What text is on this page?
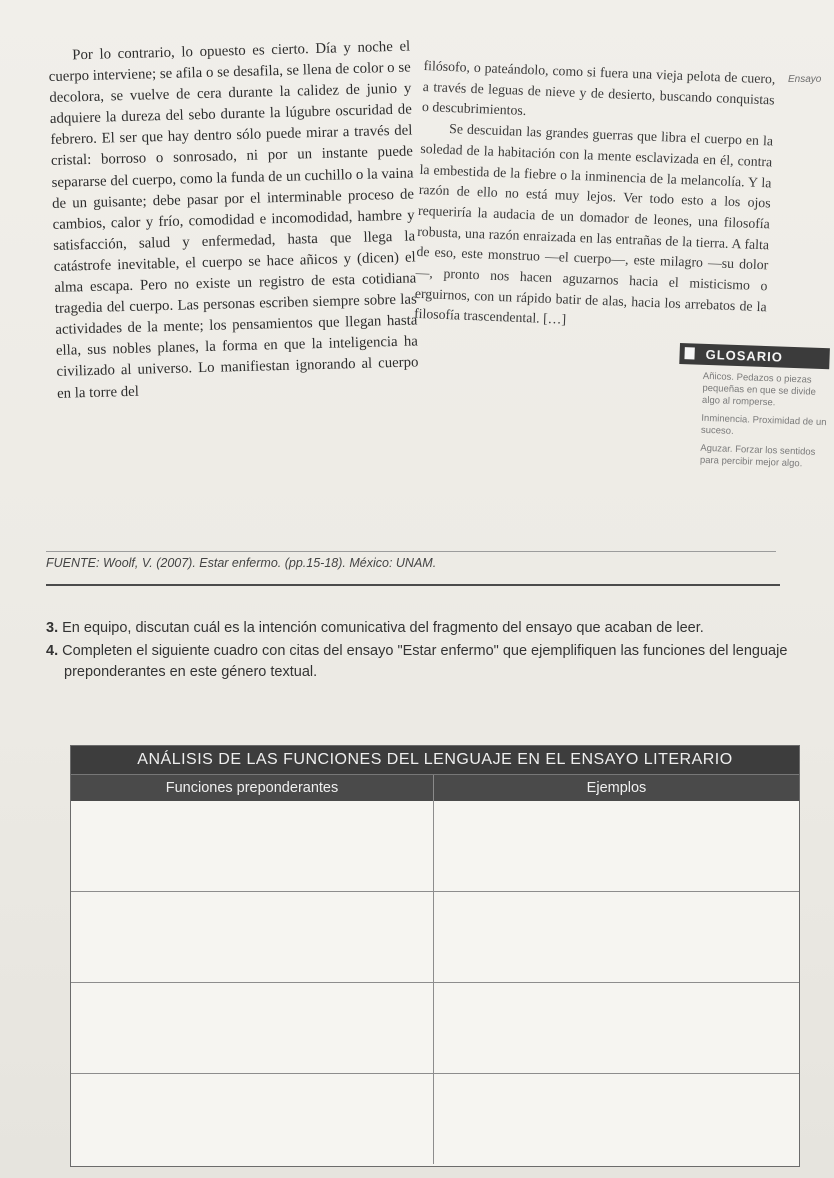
Ensayo

Por lo contrario, lo opuesto es cierto. Día y noche el cuerpo interviene; se afila o se desafila, se llena de color o se decolora, se vuelve de cera durante la calidez de junio y adquiere la dureza del sebo durante la lúgubre oscuridad de febrero. El ser que hay dentro sólo puede mirar a través del cristal: borroso o sonrosado, ni por un instante puede separarse del cuerpo, como la funda de un cuchillo o la vaina de un guisante; debe pasar por el interminable proceso de cambios, calor y frío, comodidad e incomodidad, hambre y satisfacción, salud y enfermedad, hasta que llega la catástrofe inevitable, el cuerpo se hace añicos y (dicen) el alma escapa. Pero no existe un registro de esta cotidiana tragedia del cuerpo. Las personas escriben siempre sobre las actividades de la mente; los pensamientos que llegan hasta ella, sus nobles planes, la forma en que la inteligencia ha civilizado al universo. Lo manifiestan ignorando al cuerpo en la torre del

filósofo, o pateándolo, como si fuera una vieja pelota de cuero, a través de leguas de nieve y de desierto, buscando conquistas o descubrimientos.

Se descuidan las grandes guerras que libra el cuerpo en la soledad de la habitación con la mente esclavizada en él, contra la embestida de la fiebre o la inminencia de la melancolía. Y la razón de ello no está muy lejos. Ver todo esto a los ojos requeriría la audacia de un domador de leones, una filosofía robusta, una razón enraizada en las entrañas de la tierra. A falta de eso, este monstruo —el cuerpo—, este milagro —su dolor—, pronto nos hacen aguzarnos hacia el misticismo o erguirnos, con un rápido batir de alas, hacia los arrebatos de la filosofía trascendental. […]

GLOSARIO
Añicos. Pedazos o piezas pequeñas en que se divide algo al romperse.
Inminencia. Proximidad de un suceso.
Aguzar. Forzar los sentidos para percibir mejor algo.
FUENTE: Woolf, V. (2007). Estar enfermo. (pp.15-18). México: UNAM.

3. En equipo, discutan cuál es la intención comunicativa del fragmento del ensayo que acaban de leer.

4. Completen el siguiente cuadro con citas del ensayo "Estar enfermo" que ejemplifiquen las funciones del lenguaje preponderantes en este género textual.

ANÁLISIS DE LAS FUNCIONES DEL LENGUAJE EN EL ENSAYO LITERARIO
Funciones preponderantes	Ejemplos
